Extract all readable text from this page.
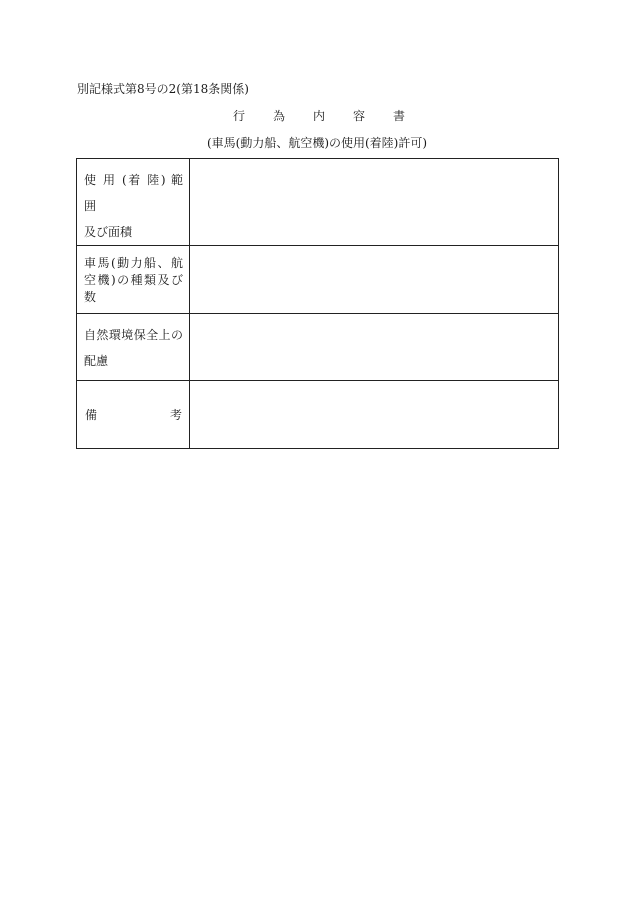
別記様式第8号の2(第18条関係)
行 為 内 容 書
(車馬(動力船、航空機)の使用(着陸)許可)
使 用 (着 陸) 範 囲
及び面積	

車馬(動力船、航
空機)の種類及び
数	

自然環境保全上の
配慮	

備 考	
